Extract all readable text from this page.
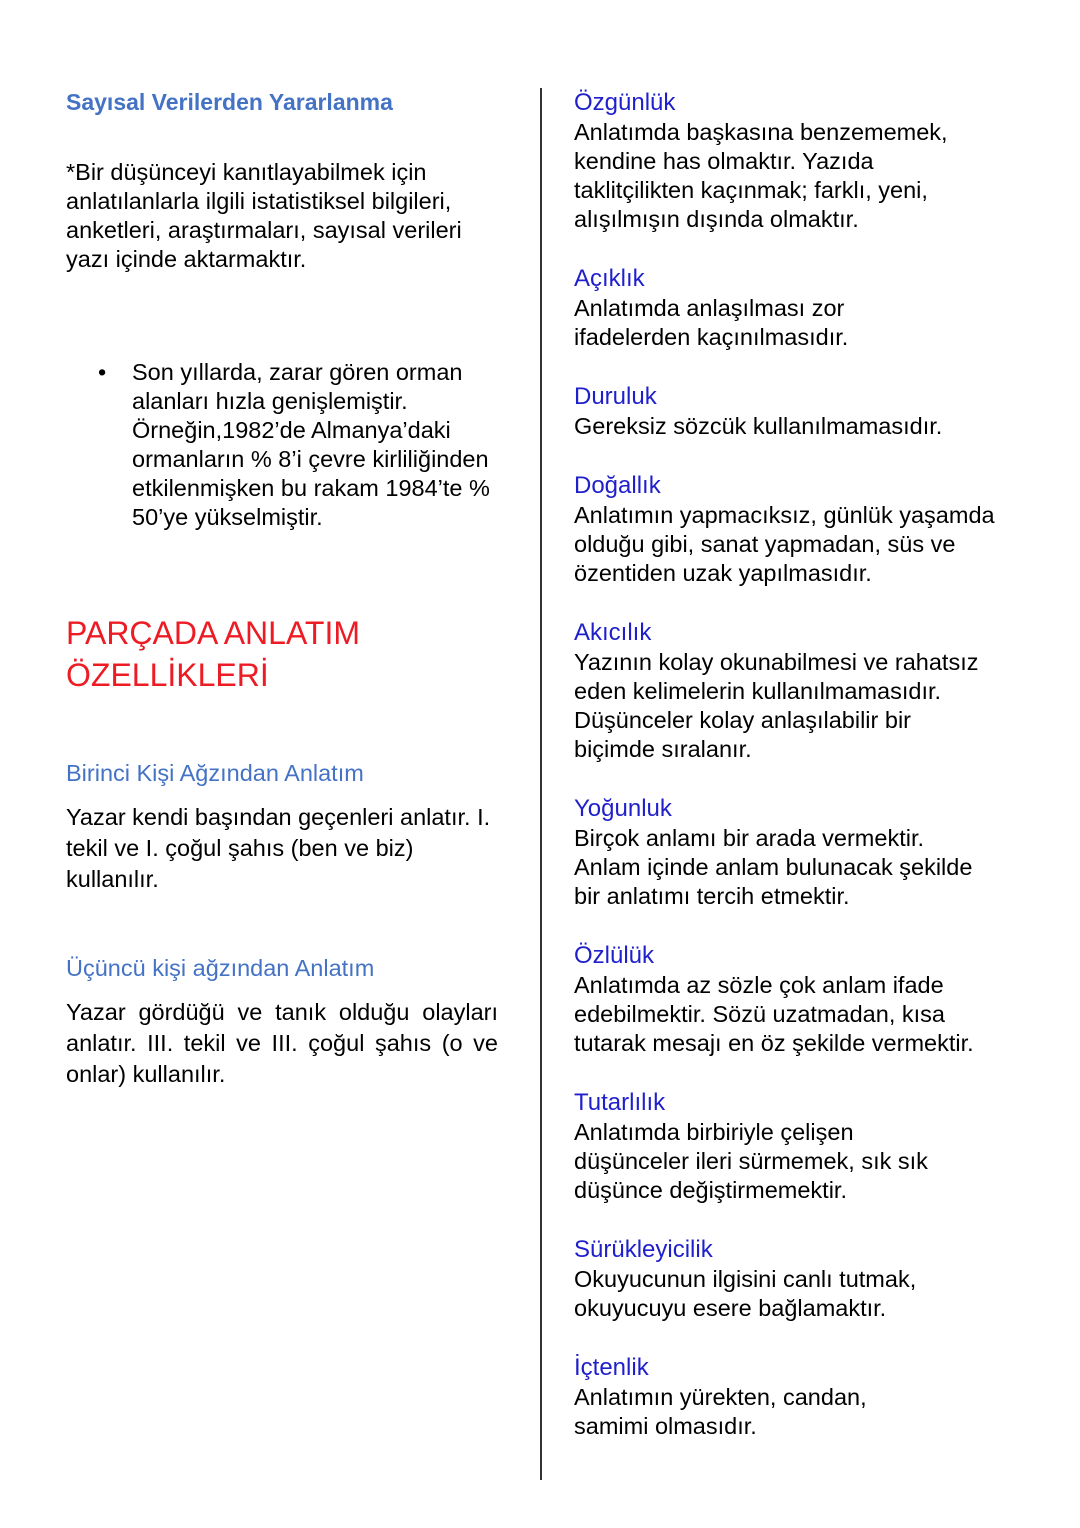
Sayısal Verilerden Yararlanma

*Bir düşünceyi kanıtlayabilmek için anlatılanlarla ilgili istatistiksel bilgileri, anketleri, araştırmaları, sayısal verileri yazı içinde aktarmaktır.

• Son yıllarda, zarar gören orman alanları hızla genişlemiştir. Örneğin,1982’de Almanya’daki ormanların % 8’i çevre kirliliğinden etkilenmişken bu rakam 1984’te % 50’ye yükselmiştir.
PARÇADA ANLATIM
ÖZELLİKLERİ
Birinci Kişi Ağzından Anlatım

Yazar kendi başından geçenleri anlatır. I. tekil ve I. çoğul şahıs (ben ve biz) kullanılır.

Üçüncü kişi ağzından Anlatım

Yazar gördüğü ve tanık olduğu olayları anlatır. III. tekil ve III. çoğul şahıs (o ve onlar) kullanılır.

Özgünlük

Anlatımda başkasına benzememek, kendine has olmaktır. Yazıda taklitçilikten kaçınmak; farklı, yeni, alışılmışın dışında olmaktır.

Açıklık

Anlatımda anlaşılması zor ifadelerden kaçınılmasıdır.

Duruluk

Gereksiz sözcük kullanılmamasıdır.

Doğallık

Anlatımın yapmacıksız, günlük yaşamda olduğu gibi, sanat yapmadan, süs ve özentiden uzak yapılmasıdır.

Akıcılık

Yazının kolay okunabilmesi ve rahatsız eden kelimelerin kullanılmamasıdır. Düşünceler kolay anlaşılabilir bir biçimde sıralanır.

Yoğunluk

Birçok anlamı bir arada vermektir. Anlam içinde anlam bulunacak şekilde bir anlatımı tercih etmektir.

Özlülük

Anlatımda az sözle çok anlam ifade edebilmektir. Sözü uzatmadan, kısa tutarak mesajı en öz şekilde vermektir.

Tutarlılık

Anlatımda birbiriyle çelişen düşünceler ileri sürmemek, sık sık düşünce değiştirmemektir.

Sürükleyicilik

Okuyucunun ilgisini canlı tutmak, okuyucuyu esere bağlamaktır.

İçtenlik

Anlatımın yürekten, candan, samimi olmasıdır.
